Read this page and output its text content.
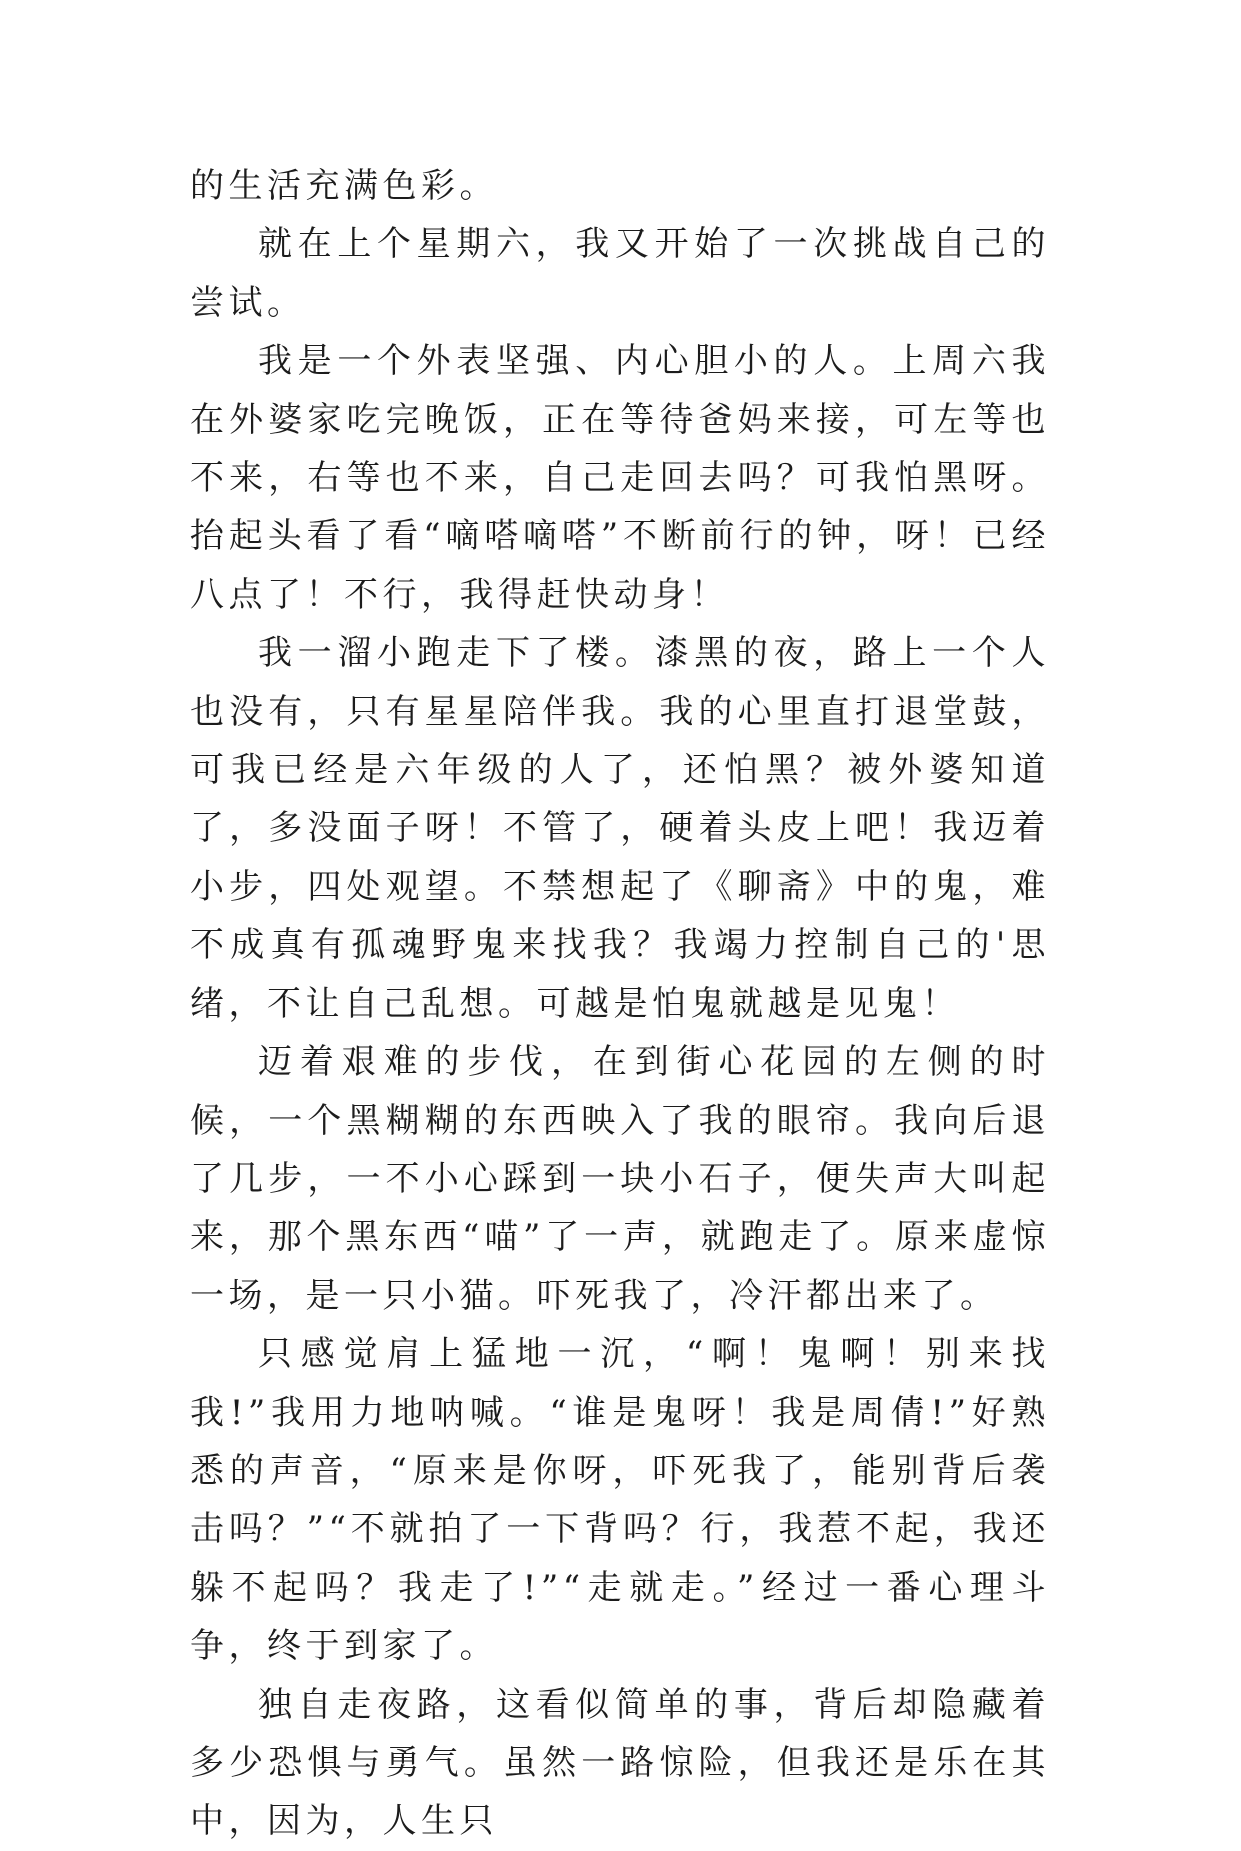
的生活充满色彩。

就在上个星期六，我又开始了一次挑战自己的尝试。

我是一个外表坚强、内心胆小的人。上周六我在外婆家吃完晚饭，正在等待爸妈来接，可左等也不来，右等也不来，自己走回去吗？可我怕黑呀。抬起头看了看“嘀嗒嘀嗒”不断前行的钟，呀！已经八点了！不行，我得赶快动身！

我一溜小跑走下了楼。漆黑的夜，路上一个人也没有，只有星星陪伴我。我的心里直打退堂鼓，可我已经是六年级的人了，还怕黑？被外婆知道了，多没面子呀！不管了，硬着头皮上吧！我迈着小步，四处观望。不禁想起了《聊斋》中的鬼，难不成真有孤魂野鬼来找我？我竭力控制自己的'思绪，不让自己乱想。可越是怕鬼就越是见鬼！

迈着艰难的步伐，在到街心花园的左侧的时候，一个黑糊糊的东西映入了我的眼帘。我向后退了几步，一不小心踩到一块小石子，便失声大叫起来，那个黑东西“喵”了一声，就跑走了。原来虚惊一场，是一只小猫。吓死我了，冷汗都出来了。

只感觉肩上猛地一沉，“啊！鬼啊！别来找我!”我用力地呐喊。“谁是鬼呀！我是周倩!”好熟悉的声音，“原来是你呀，吓死我了，能别背后袭击吗？”“不就拍了一下背吗？行，我惹不起，我还躲不起吗？我走了!”“走就走。”经过一番心理斗争，终于到家了。

独自走夜路，这看似简单的事，背后却隐藏着多少恐惧与勇气。虽然一路惊险，但我还是乐在其中，因为，人生只
